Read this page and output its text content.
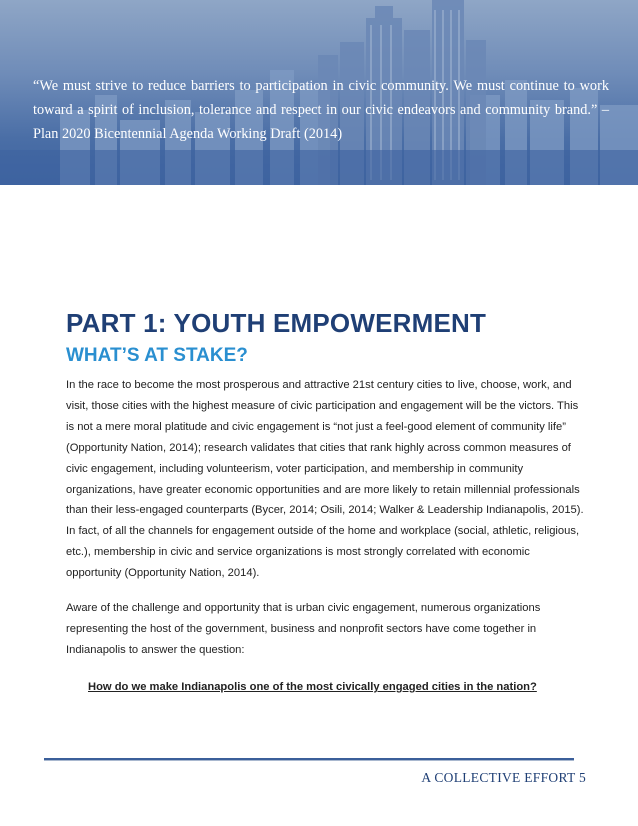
“We must strive to reduce barriers to participation in civic community. We must continue to work toward a spirit of inclusion, tolerance and respect in our civic endeavors and community brand.” – Plan 2020 Bicentennial Agenda Working Draft (2014)

PART 1: YOUTH EMPOWERMENT
WHAT’S AT STAKE?

In the race to become the most prosperous and attractive 21st century cities to live, choose, work, and visit, those cities with the highest measure of civic participation and engagement will be the victors. This is not a mere moral platitude and civic engagement is “not just a feel-good element of community life” (Opportunity Nation, 2014); research validates that cities that rank highly across common measures of civic engagement, including volunteerism, voter participation, and membership in community organizations, have greater economic opportunities and are more likely to retain millennial professionals than their less-engaged counterparts (Bycer, 2014; Osili, 2014; Walker & Leadership Indianapolis, 2015). In fact, of all the channels for engagement outside of the home and workplace (social, athletic, religious, etc.), membership in civic and service organizations is most strongly correlated with economic opportunity (Opportunity Nation, 2014).

Aware of the challenge and opportunity that is urban civic engagement, numerous organizations representing the host of the government, business and nonprofit sectors have come together in Indianapolis to answer the question:

How do we make Indianapolis one of the most civically engaged cities in the nation?

A COLLECTIVE EFFORT 5
